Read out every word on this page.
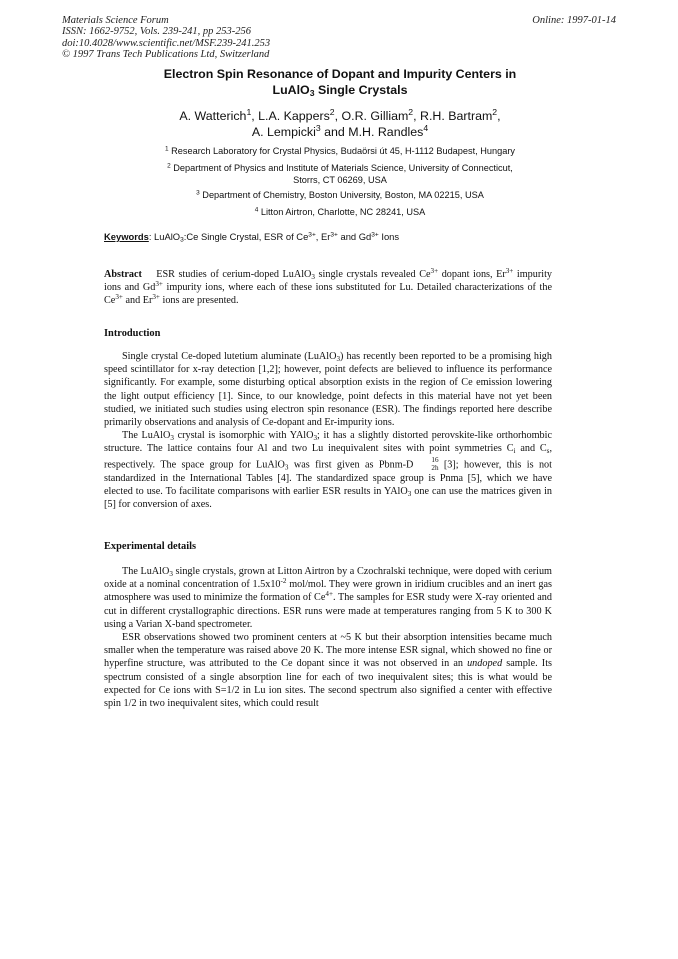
Materials Science Forum
ISSN: 1662-9752, Vols. 239-241, pp 253-256
doi:10.4028/www.scientific.net/MSF.239-241.253
© 1997 Trans Tech Publications Ltd, Switzerland
Online: 1997-01-14
Electron Spin Resonance of Dopant and Impurity Centers in
LuAlO$_3$ Single Crystals
A. Watterich$^1$, L.A. Kappers$^2$, O.R. Gilliam$^2$, R.H. Bartram$^2$,
A. Lempicki$^3$ and M.H. Randles$^4$
$^1$ Research Laboratory for Crystal Physics, Budaörsi út 45, H-1112 Budapest, Hungary
$^2$ Department of Physics and Institute of Materials Science, University of Connecticut,
Storrs, CT 06269, USA
$^3$ Department of Chemistry, Boston University, Boston, MA 02215, USA
$^4$ Litton Airtron, Charlotte, NC 28241, USA
Keywords: LuAlO$_3$:Ce Single Crystal, ESR of $Ce^{3+}$, $Er^{3+}$ and $Gd^{3+}$ Ions

Abstract    ESR studies of cerium-doped LuAlO$_3$ single crystals revealed $Ce^{3+}$ dopant ions, $Er^{3+}$ impurity ions and $Gd^{3+}$ impurity ions, where each of these ions substituted for Lu. Detailed characterizations of the $Ce^{3+}$ and $Er^{3+}$ ions are presented.

Introduction

Single crystal Ce-doped lutetium aluminate (LuAlO$_3$) has recently been reported to be a promising high speed scintillator for x-ray detection [1,2]; however, point defects are believed to influence its performance significantly. For example, some disturbing optical absorption exists in the region of Ce emission lowering the light output efficiency [1]. Since, to our knowledge, point defects in this material have not yet been studied, we initiated such studies using electron spin resonance (ESR). The findings reported here describe primarily observations and analysis of Ce-dopant and Er-impurity ions.

The LuAlO$_3$ crystal is isomorphic with YAlO$_3$; it has a slightly distorted perovskite-like orthorhombic structure. The lattice contains four Al and two Lu inequivalent sites with point symmetries $C_i$ and $C_s$, respectively. The space group for LuAlO$_3$ was first given as Pbnm-D	16
2h [3]; however, this is not standardized in the International Tables [4]. The standardized space group is Pnma [5], which we have elected to use. To facilitate comparisons with earlier ESR results in YAlO$_3$ one can use the matrices given in [5] for conversion of axes.

Experimental details

The LuAlO$_3$ single crystals, grown at Litton Airtron by a Czochralski technique, were doped with cerium oxide at a nominal concentration of $1.5x10^{-2}$ mol/mol. They were grown in iridium crucibles and an inert gas atmosphere was used to minimize the formation of $Ce^{4+}$. The samples for ESR study were X-ray oriented and cut in different crystallographic directions. ESR runs were made at temperatures ranging from 5 K to 300 K using a Varian X-band spectrometer.

ESR observations showed two prominent centers at ~5 K but their absorption intensities became much smaller when the temperature was raised above 20 K. The more intense ESR signal, which showed no fine or hyperfine structure, was attributed to the Ce dopant since it was not observed in an undoped sample. Its spectrum consisted of a single absorption line for each of two inequivalent sites; this is what would be expected for Ce ions with S=1/2 in Lu ion sites. The second spectrum also signified a center with effective spin 1/2 in two inequivalent sites, which could result
